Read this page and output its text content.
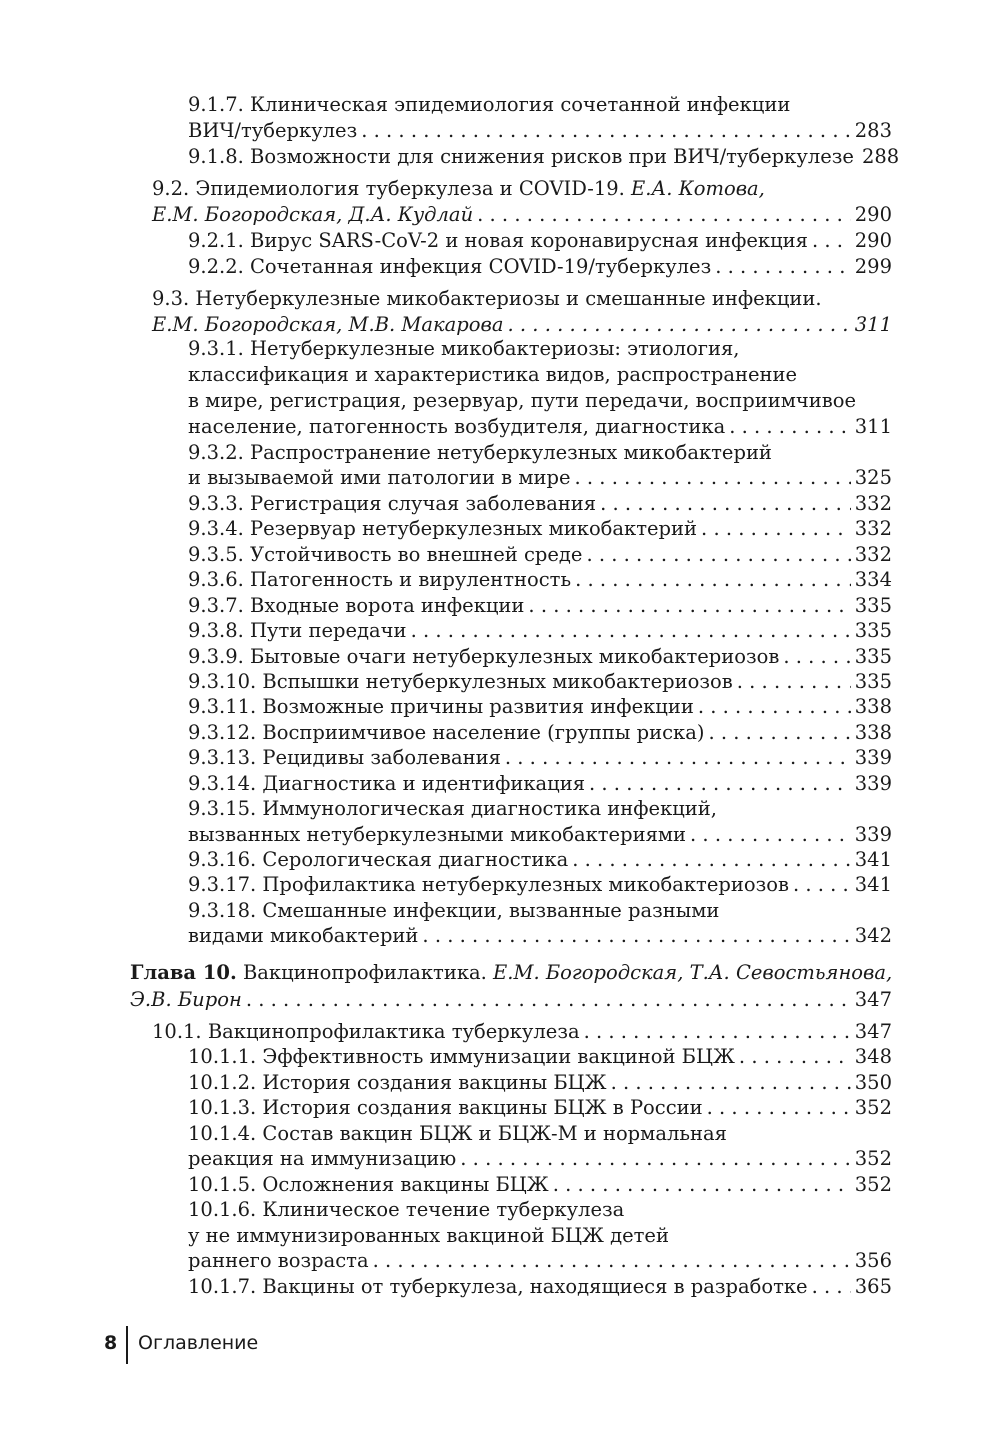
9.1.7. Клиническая эпидемиология сочетанной инфекции
ВИЧ/туберкулез . . .	283
9.1.8. Возможности для снижения рисков при ВИЧ/туберкулезе 288
9.2. Эпидемиология туберкулеза и COVID-19. Е.А. Котова,
Е.М. Богородская, Д.А. Кудлай . . .	290
9.2.1. Вирус SARS-CoV-2 и новая коронавирусная инфекция . . . 290
9.2.2. Сочетанная инфекция COVID-19/туберкулез . . .	299
9.3. Нетуберкулезные микобактериозы и смешанные инфекции.
Е.М. Богородская, М.В. Макарова . . .	311
9.3.1. Нетуберкулезные микобактериозы: этиология,
классификация и характеристика видов, распространение
в мире, регистрация, резервуар, пути передачи, восприимчивое
население, патогенность возбудителя, диагностика . . .	311
9.3.2. Распространение нетуберкулезных микобактерий
и вызываемой ими патологии в мире . . .	325
9.3.3. Регистрация случая заболевания . . .	332
9.3.4. Резервуар нетуберкулезных микобактерий . . .	332
9.3.5. Устойчивость во внешней среде . . .	332
9.3.6. Патогенность и вирулентность . . .	334
9.3.7. Входные ворота инфекции . . .	335
9.3.8. Пути передачи . . .	335
9.3.9. Бытовые очаги нетуберкулезных микобактериозов . . .	335
9.3.10. Вспышки нетуберкулезных микобактериозов . . .	335
9.3.11. Возможные причины развития инфекции . . .	338
9.3.12. Восприимчивое население (группы риска) . . .	338
9.3.13. Рецидивы заболевания . . .	339
9.3.14. Диагностика и идентификация . . .	339
9.3.15. Иммунологическая диагностика инфекций,
вызванных нетуберкулезными микобактериями . . .	339
9.3.16. Серологическая диагностика . . .	341
9.3.17. Профилактика нетуберкулезных микобактериозов . . .	341
9.3.18. Смешанные инфекции, вызванные разными
видами микобактерий . . .	342
Глава 10. Вакцинопрофилактика. Е.М. Богородская, Т.А. Севостьянова,
Э.В. Бирон . . .	347
10.1. Вакцинопрофилактика туберкулеза . . .	347
10.1.1. Эффективность иммунизации вакциной БЦЖ . . .	348
10.1.2. История создания вакцины БЦЖ . . .	350
10.1.3. История создания вакцины БЦЖ в России . . .	352
10.1.4. Состав вакцин БЦЖ и БЦЖ-М и нормальная
реакция на иммунизацию . . .	352
10.1.5. Осложнения вакцины БЦЖ . . .	352
10.1.6. Клиническое течение туберкулеза
у не иммунизированных вакциной БЦЖ детей
раннего возраста . . .	356
10.1.7. Вакцины от туберкулеза, находящиеся в разработке . . . 365
8 Оглавление
